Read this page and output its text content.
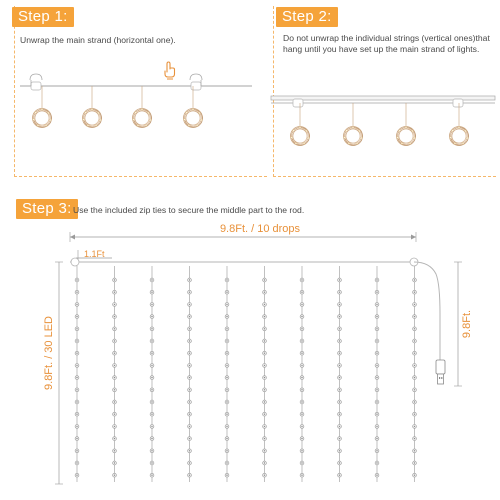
Step 1:
Unwrap the main strand (horizontal one).
Step 2:
Do not unwrap the individual strings (vertical ones)that hang until you have set up the main strand of lights.
Step 3: Use the included zip ties to secure the middle part to the rod.
9.8Ft. / 10 drops
1.1Ft
9.8Ft. / 30 LED	9.8Ft.
